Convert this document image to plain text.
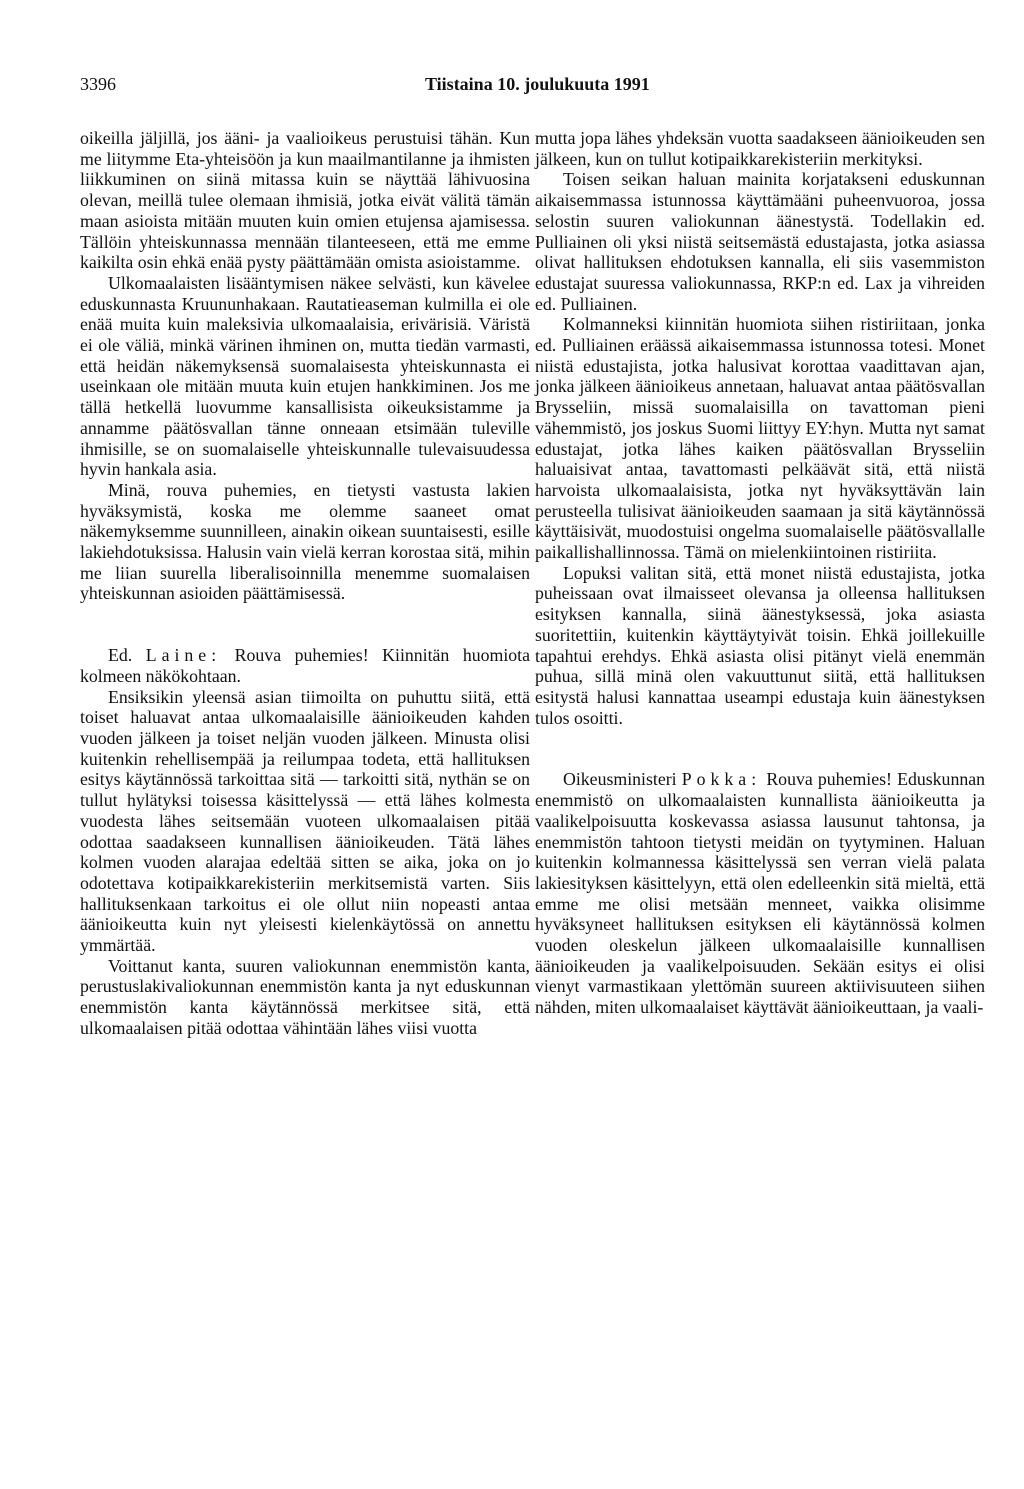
3396	Tiistaina 10. joulukuuta 1991

oikeilla jäljillä, jos ääni- ja vaalioikeus perustuisi tähän. Kun me liitymme Eta-yhteisöön ja kun maailmantilanne ja ihmisten liikkuminen on siinä mitassa kuin se näyttää lähivuosina olevan, meillä tulee olemaan ihmisiä, jotka eivät välitä tämän maan asioista mitään muuten kuin omien etujensa ajamisessa. Tällöin yhteiskunnassa mennään tilanteeseen, että me emme kaikilta osin ehkä enää pysty päättämään omista asioistamme.

Ulkomaalaisten lisääntymisen näkee selvästi, kun kävelee eduskunnasta Kruununhakaan. Rautatieaseman kulmilla ei ole enää muita kuin maleksivia ulkomaalaisia, erivärisiä. Väristä ei ole väliä, minkä värinen ihminen on, mutta tiedän varmasti, että heidän näkemyksensä suomalaisesta yhteiskunnasta ei useinkaan ole mitään muuta kuin etujen hankkiminen. Jos me tällä hetkellä luovumme kansallisista oikeuksistamme ja annamme päätösvallan tänne onneaan etsimään tuleville ihmisille, se on suomalaiselle yhteiskunnalle tulevaisuudessa hyvin hankala asia.

Minä, rouva puhemies, en tietysti vastusta lakien hyväksymistä, koska me olemme saaneet omat näkemyksemme suunnilleen, ainakin oikean suuntaisesti, esille lakiehdotuksissa. Halusin vain vielä kerran korostaa sitä, mihin me liian suurella liberalisoinnilla menemme suomalaisen yhteiskunnan asioiden päättämisessä.

Ed. Laine: Rouva puhemies! Kiinnitän huomiota kolmeen näkökohtaan.

Ensiksikin yleensä asian tiimoilta on puhuttu siitä, että toiset haluavat antaa ulkomaalaisille äänioikeuden kahden vuoden jälkeen ja toiset neljän vuoden jälkeen. Minusta olisi kuitenkin rehellisempää ja reilumpaa todeta, että hallituksen esitys käytännössä tarkoittaa sitä — tarkoitti sitä, nythän se on tullut hylätyksi toisessa käsittelyssä — että lähes kolmesta vuodesta lähes seitsemään vuoteen ulkomaalaisen pitää odottaa saadakseen kunnallisen äänioikeuden. Tätä lähes kolmen vuoden alarajaa edeltää sitten se aika, joka on jo odotettava kotipaikkarekisteriin merkitsemistä varten. Siis hallituksenkaan tarkoitus ei ole ollut niin nopeasti antaa äänioikeutta kuin nyt yleisesti kielenkäytössä on annettu ymmärtää.

Voittanut kanta, suuren valiokunnan enemmistön kanta, perustuslakivaliokunnan enemmistön kanta ja nyt eduskunnan enemmistön kanta käytännössä merkitsee sitä, että ulkomaalaisen pitää odottaa vähintään lähes viisi vuotta

mutta jopa lähes yhdeksän vuotta saadakseen äänioikeuden sen jälkeen, kun on tullut kotipaikkarekisteriin merkityksi.

Toisen seikan haluan mainita korjatakseni eduskunnan aikaisemmassa istunnossa käyttämääni puheenvuoroa, jossa selostin suuren valiokunnan äänestystä. Todellakin ed. Pulliainen oli yksi niistä seitsemästä edustajasta, jotka asiassa olivat hallituksen ehdotuksen kannalla, eli siis vasemmiston edustajat suuressa valiokunnassa, RKP:n ed. Lax ja vihreiden ed. Pulliainen.

Kolmanneksi kiinnitän huomiota siihen ristiriitaan, jonka ed. Pulliainen eräässä aikaisemmassa istunnossa totesi. Monet niistä edustajista, jotka halusivat korottaa vaadittavan ajan, jonka jälkeen äänioikeus annetaan, haluavat antaa päätösvallan Brysseliin, missä suomalaisilla on tavattoman pieni vähemmistö, jos joskus Suomi liittyy EY:hyn. Mutta nyt samat edustajat, jotka lähes kaiken päätösvallan Brysseliin haluaisivat antaa, tavattomasti pelkäävät sitä, että niistä harvoista ulkomaalaisista, jotka nyt hyväksyttävän lain perusteella tulisivat äänioikeuden saamaan ja sitä käytännössä käyttäisivät, muodostuisi ongelma suomalaiselle päätösvallalle paikallishallinnossa. Tämä on mielenkiintoinen ristiriita.

Lopuksi valitan sitä, että monet niistä edustajista, jotka puheissaan ovat ilmaisseet olevansa ja olleensa hallituksen esityksen kannalla, siinä äänestyksessä, joka asiasta suoritettiin, kuitenkin käyttäytyivät toisin. Ehkä joillekuille tapahtui erehdys. Ehkä asiasta olisi pitänyt vielä enemmän puhua, sillä minä olen vakuuttunut siitä, että hallituksen esitystä halusi kannattaa useampi edustaja kuin äänestyksen tulos osoitti.

Oikeusministeri Pokka: Rouva puhemies! Eduskunnan enemmistö on ulkomaalaisten kunnallista äänioikeutta ja vaalikelpoisuutta koskevassa asiassa lausunut tahtonsa, ja enemmistön tahtoon tietysti meidän on tyytyminen. Haluan kuitenkin kolmannessa käsittelyssä sen verran vielä palata lakiesityksen käsittelyyn, että olen edelleenkin sitä mieltä, että emme me olisi metsään menneet, vaikka olisimme hyväksyneet hallituksen esityksen eli käytännössä kolmen vuoden oleskelun jälkeen ulkomaalaisille kunnallisen äänioikeuden ja vaalikelpoisuuden. Sekään esitys ei olisi vienyt varmastikaan ylettömän suureen aktiivisuuteen siihen nähden, miten ulkomaalaiset käyttävät äänioikeuttaan, ja vaali-
